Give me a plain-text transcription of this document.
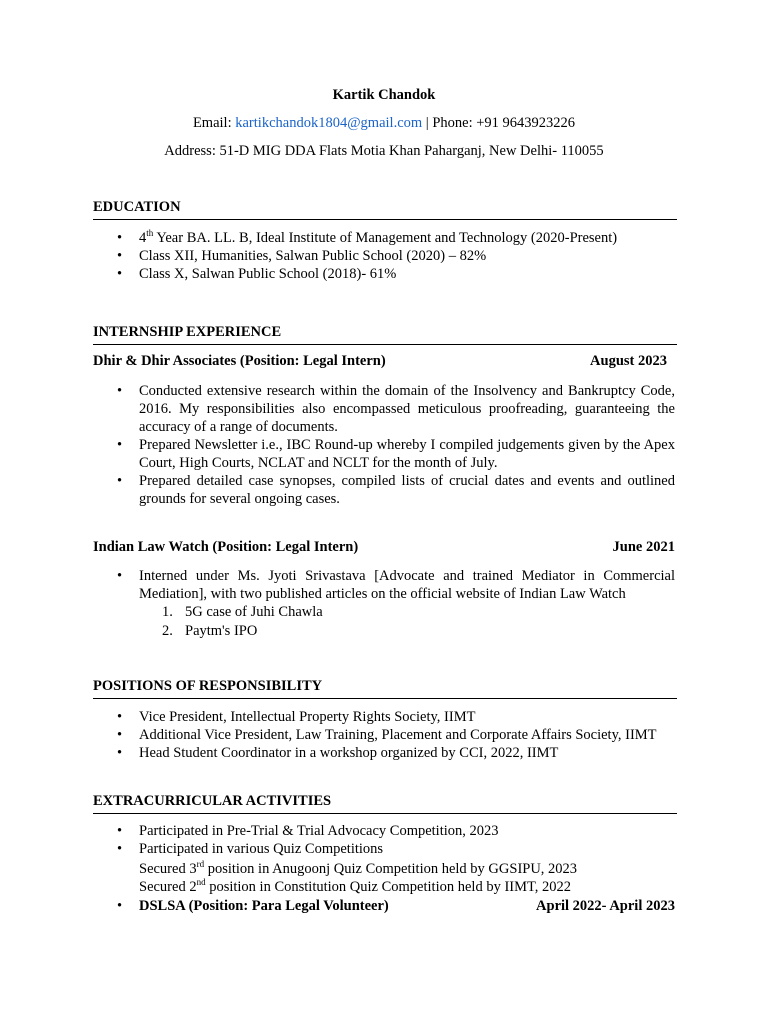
Kartik Chandok
Email: kartikchandok1804@gmail.com | Phone: +91 9643923226
Address: 51-D MIG DDA Flats Motia Khan Paharganj, New Delhi- 110055
EDUCATION
• 4th Year BA. LL. B, Ideal Institute of Management and Technology (2020-Present)
• Class XII, Humanities, Salwan Public School (2020) – 82%
• Class X, Salwan Public School (2018)- 61%
INTERNSHIP EXPERIENCE
Dhir & Dhir Associates (Position: Legal Intern)	August 2023
• Conducted extensive research within the domain of the Insolvency and Bankruptcy Code, 2016. My responsibilities also encompassed meticulous proofreading, guaranteeing the accuracy of a range of documents.
• Prepared Newsletter i.e., IBC Round-up whereby I compiled judgements given by the Apex Court, High Courts, NCLAT and NCLT for the month of July.
• Prepared detailed case synopses, compiled lists of crucial dates and events and outlined grounds for several ongoing cases.
Indian Law Watch (Position: Legal Intern)	June 2021
• Interned under Ms. Jyoti Srivastava [Advocate and trained Mediator in Commercial Mediation], with two published articles on the official website of Indian Law Watch
1. 5G case of Juhi Chawla
2. Paytm's IPO
POSITIONS OF RESPONSIBILITY
• Vice President, Intellectual Property Rights Society, IIMT
• Additional Vice President, Law Training, Placement and Corporate Affairs Society, IIMT
• Head Student Coordinator in a workshop organized by CCI, 2022, IIMT
EXTRACURRICULAR ACTIVITIES
• Participated in Pre-Trial & Trial Advocacy Competition, 2023
• Participated in various Quiz Competitions
Secured 3rd position in Anugoonj Quiz Competition held by GGSIPU, 2023
Secured 2nd position in Constitution Quiz Competition held by IIMT, 2022
• DSLSA (Position: Para Legal Volunteer)	April 2022- April 2023
